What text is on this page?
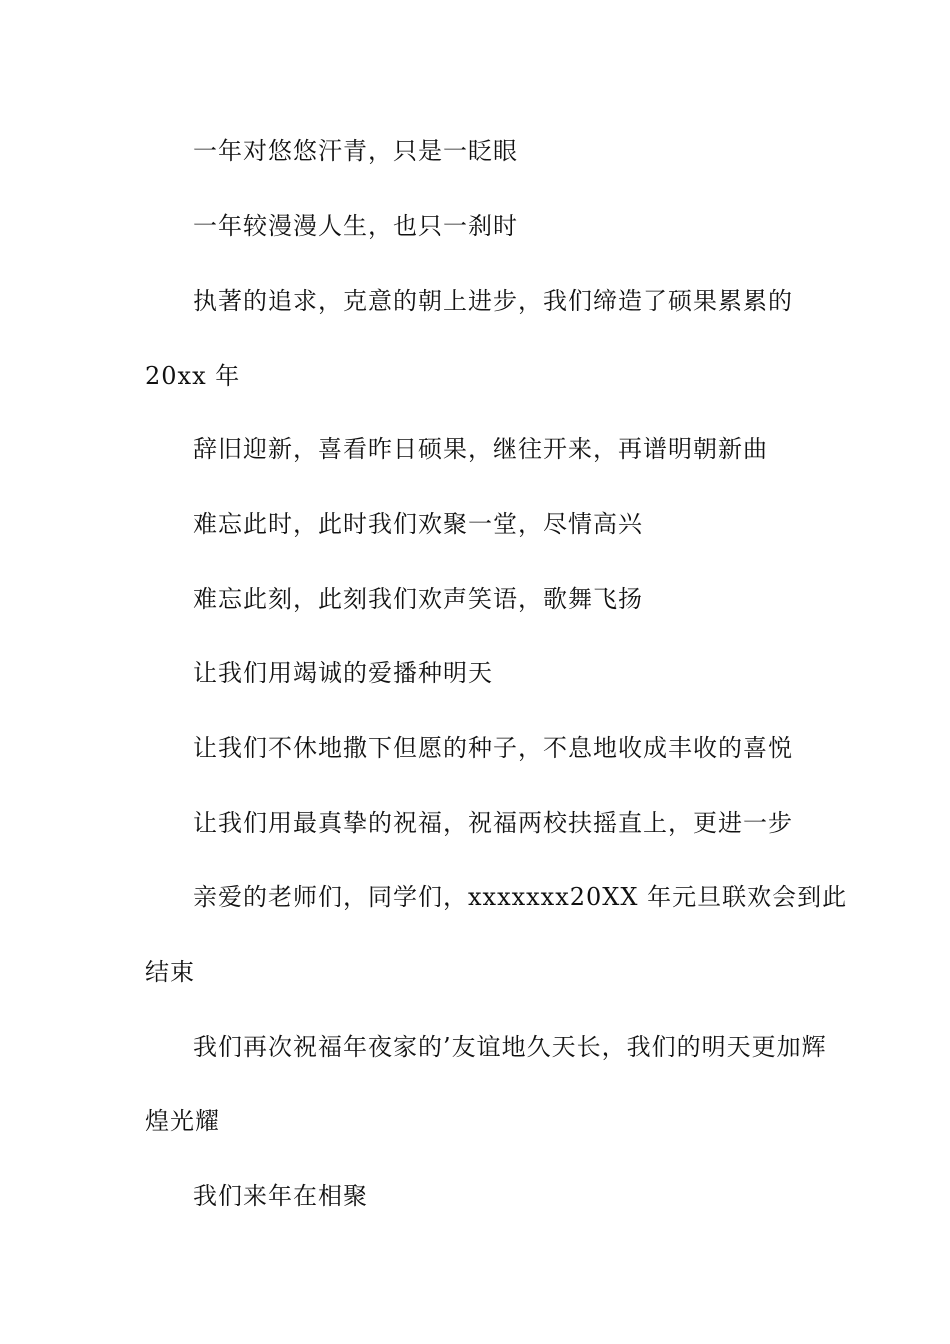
一年对悠悠汗青，只是一眨眼
一年较漫漫人生，也只一刹时
执著的追求，克意的朝上进步，我们缔造了硕果累累的
20xx 年
辞旧迎新，喜看昨日硕果，继往开来，再谱明朝新曲
难忘此时，此时我们欢聚一堂，尽情高兴
难忘此刻，此刻我们欢声笑语，歌舞飞扬
让我们用竭诚的爱播种明天
让我们不休地撒下但愿的种子，不息地收成丰收的喜悦
让我们用最真挚的祝福，祝福两校扶摇直上，更进一步
亲爱的老师们，同学们，xxxxxxx20XX 年元旦联欢会到此
结束
我们再次祝福年夜家的’友谊地久天长，我们的明天更加辉
煌光耀
我们来年在相聚
